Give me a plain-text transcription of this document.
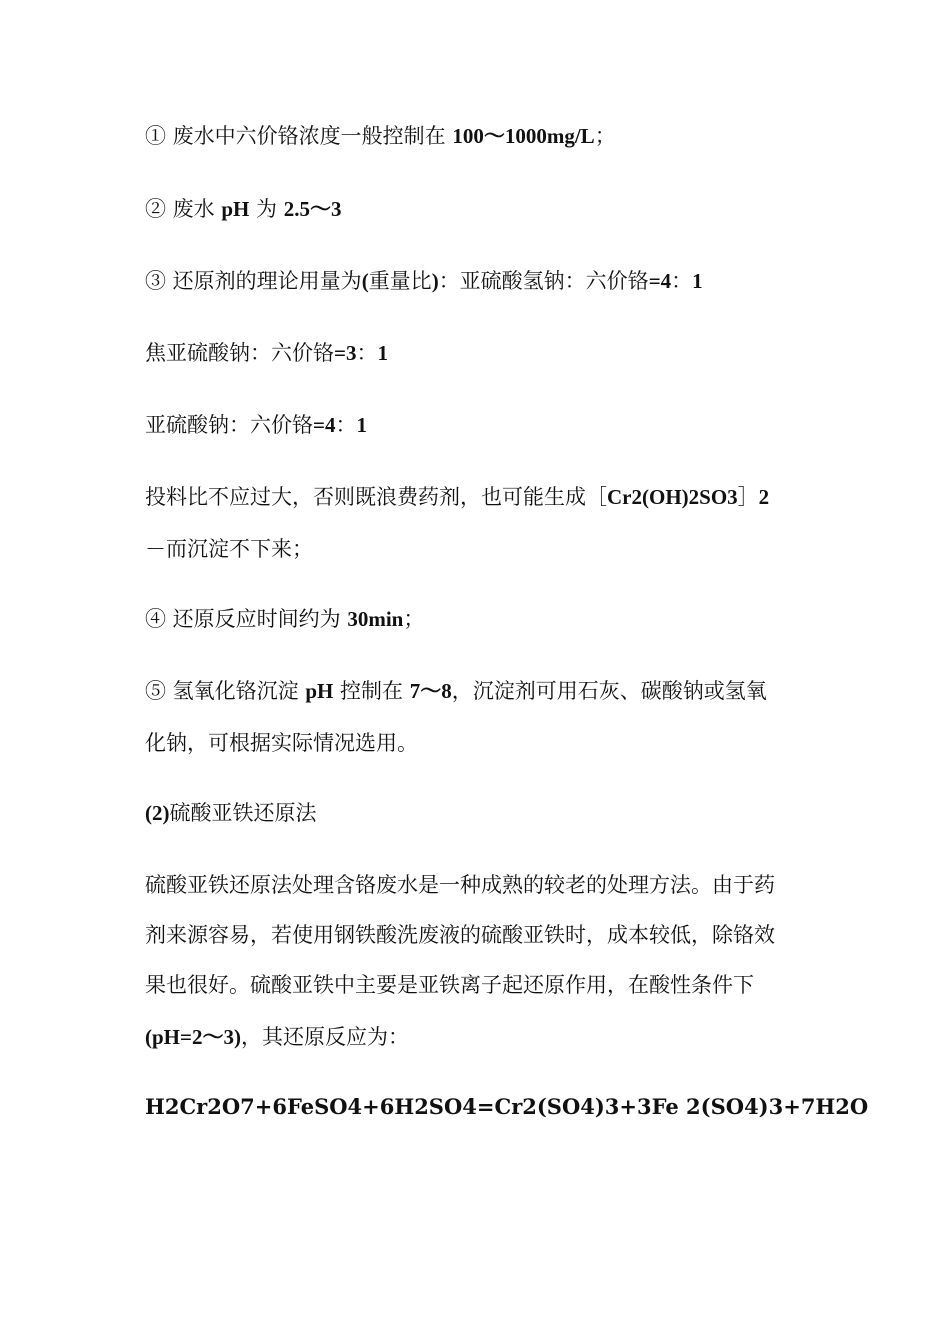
① 废水中六价铬浓度一般控制在 100～1000mg/L；
② 废水 pH 为 2.5～3
③ 还原剂的理论用量为(重量比)：亚硫酸氢钠：六价铬=4：1
焦亚硫酸钠：六价铬=3：1
亚硫酸钠：六价铬=4：1
投料比不应过大，否则既浪费药剂，也可能生成［Cr2(OH)2SO3］2
－而沉淀不下来；
④ 还原反应时间约为 30min；
⑤ 氢氧化铬沉淀 pH 控制在 7～8，沉淀剂可用石灰、碳酸钠或氢氧
化钠，可根据实际情况选用。
(2)硫酸亚铁还原法
硫酸亚铁还原法处理含铬废水是一种成熟的较老的处理方法。由于药
剂来源容易，若使用钢铁酸洗废液的硫酸亚铁时，成本较低，除铬效
果也很好。硫酸亚铁中主要是亚铁离子起还原作用，在酸性条件下
(pH=2～3)，其还原反应为：
H2Cr2O7+6FeSO4+6H2SO4=Cr2(SO4)3+3Fe 2(SO4)3+7H2O
